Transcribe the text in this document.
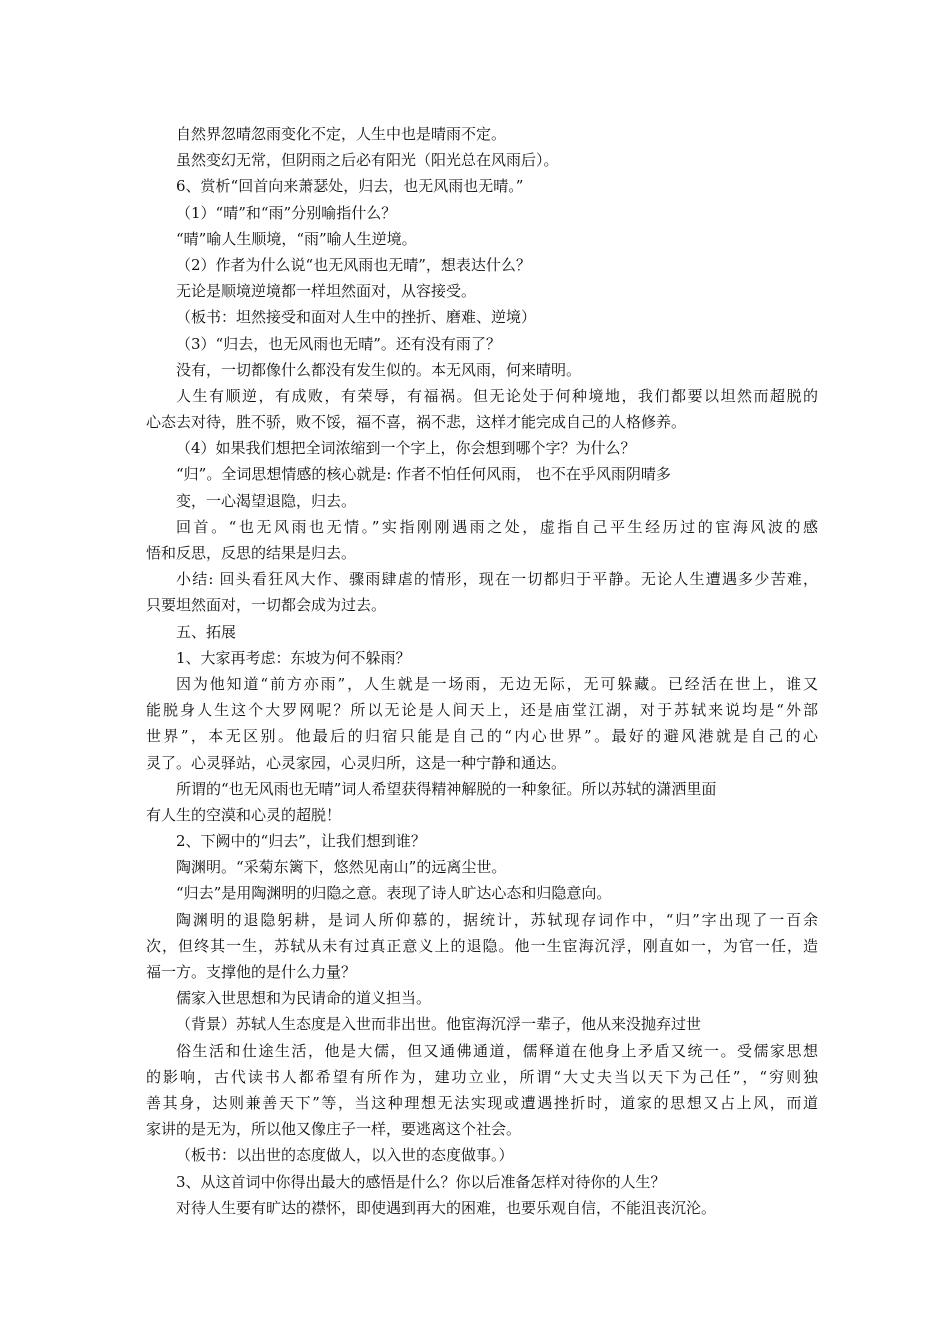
自然界忽晴忽雨变化不定，人生中也是晴雨不定。
虽然变幻无常，但阴雨之后必有阳光（阳光总在风雨后）。
6、赏析“回首向来萧瑟处，归去，也无风雨也无晴。”
（1）“晴”和“雨”分别喻指什么？
“晴”喻人生顺境，“雨”喻人生逆境。
（2）作者为什么说“也无风雨也无晴”，想表达什么？
无论是顺境逆境都一样坦然面对，从容接受。
（板书：坦然接受和面对人生中的挫折、磨难、逆境）
（3）“归去，也无风雨也无晴”。还有没有雨了？
没有，一切都像什么都没有发生似的。本无风雨，何来晴明。
人生有顺逆，有成败，有荣辱，有福祸。但无论处于何种境地，我们都要以坦然而超脱的
心态去对待，胜不骄，败不馁，福不喜，祸不悲，这样才能完成自己的人格修养。
（4）如果我们想把全词浓缩到一个字上，你会想到哪个字？为什么？
“归”。全词思想情感的核心就是: 作者不怕任何风雨， 也不在乎风雨阴晴多
变，一心渴望退隐，归去。
回首。“也无风雨也无情。”实指刚刚遇雨之处，虚指自己平生经历过的宦海风波的感
悟和反思，反思的结果是归去。
小结: 回头看狂风大作、骤雨肆虐的情形，现在一切都归于平静。无论人生遭遇多少苦难，
只要坦然面对，一切都会成为过去。
五、拓展
1、大家再考虑：东坡为何不躲雨？
因为他知道“前方亦雨”，人生就是一场雨，无边无际，无可躲藏。已经活在世上，谁又
能脱身人生这个大罗网呢？所以无论是人间天上，还是庙堂江湖，对于苏轼来说均是“外部
世界”，本无区别。他最后的归宿只能是自己的“内心世界”。最好的避风港就是自己的心
灵了。心灵驿站，心灵家园，心灵归所，这是一种宁静和通达。
所谓的“也无风雨也无晴”词人希望获得精神解脱的一种象征。所以苏轼的潇洒里面
有人生的空漠和心灵的超脱！
2、下阙中的“归去”，让我们想到谁？
陶渊明。“采菊东篱下，悠然见南山”的远离尘世。
“归去”是用陶渊明的归隐之意。表现了诗人旷达心态和归隐意向。
陶渊明的退隐躬耕，是词人所仰慕的，据统计，苏轼现存词作中，“归”字出现了一百余
次，但终其一生，苏轼从未有过真正意义上的退隐。他一生宦海沉浮，刚直如一，为官一任，造
福一方。支撑他的是什么力量？
儒家入世思想和为民请命的道义担当。
（背景）苏轼人生态度是入世而非出世。他宦海沉浮一辈子，他从来没抛弃过世
俗生活和仕途生活，他是大儒，但又通佛通道，儒释道在他身上矛盾又统一。受儒家思想
的影响，古代读书人都希望有所作为，建功立业，所谓“大丈夫当以天下为己任”，“穷则独
善其身，达则兼善天下”等，当这种理想无法实现或遭遇挫折时，道家的思想又占上风，而道
家讲的是无为，所以他又像庄子一样，要逃离这个社会。
（板书：以出世的态度做人，以入世的态度做事。）
3、从这首词中你得出最大的感悟是什么？你以后准备怎样对待你的人生？
对待人生要有旷达的襟怀，即使遇到再大的困难，也要乐观自信，不能沮丧沉沦。
